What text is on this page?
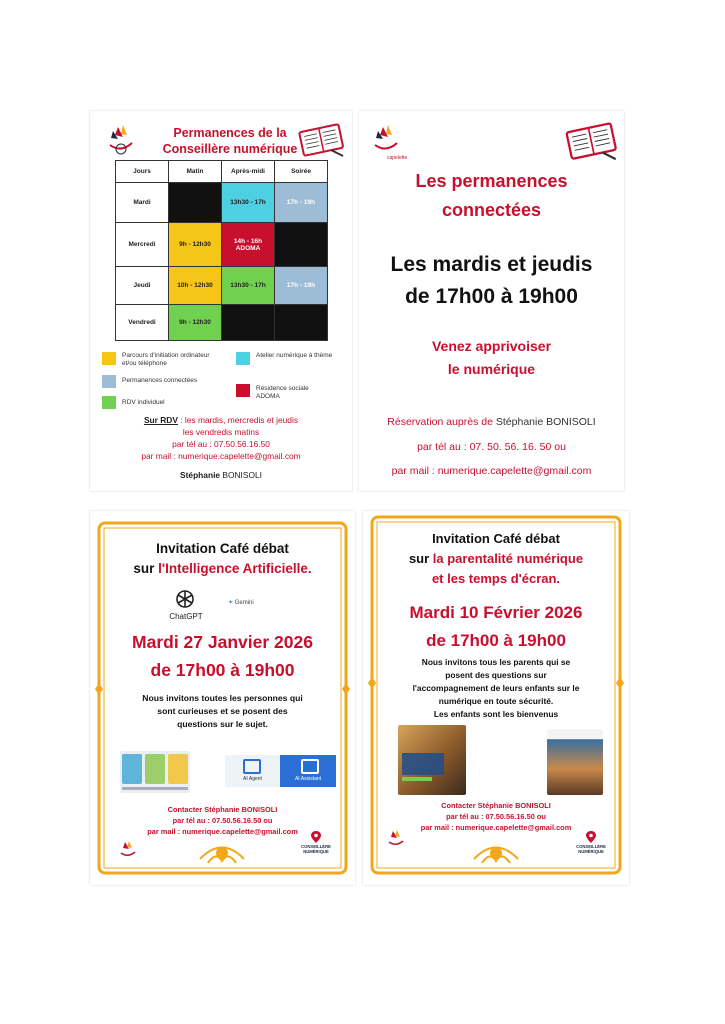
Permanences de la
Conseillère numérique
Jours	Matin	Après-midi	Soirée
Mardi		13h30 - 17h	17h - 19h
Mercredi	9h - 12h30	14h - 16h ADOMA	
Jeudi	10h - 12h30	13h30 - 17h	17h - 19h
Vendredi	9h - 12h30		
Parcours d'initiation ordinateur et/ou téléphone
Atelier numérique à thème
Permanences connectées
Résidence sociale ADOMA
RDV individuel
Sur RDV : les mardis, mercredis et jeudis
les vendredis matins
par tél au : 07.50.56.16.50
par mail : numerique.capelette@gmail.com
Stéphanie BONISOLI
capelette
Les permanences
connectées
Les mardis et jeudis
de 17h00 à 19h00
Venez apprivoiser
le numérique
Réservation auprès de Stéphanie BONISOLI
par tél au : 07. 50. 56. 16. 50 ou
par mail : numerique.capelette@gmail.com
Invitation Café débat
sur l'Intelligence Artificielle.
ChatGPT
✦ Gemini
Mardi 27 Janvier 2026
de 17h00 à 19h00
Nous invitons toutes les personnes qui
sont curieuses et se posent des
questions sur le sujet.
AI Agent	AI Assistant
Contacter Stéphanie BONISOLI
par tél au : 07.50.56.16.50 ou
par mail : numerique.capelette@gmail.com
CONSEILLÈRE NUMÉRIQUE
Invitation Café débat
sur la parentalité numérique
et les temps d'écran.
Mardi 10 Février 2026
de 17h00 à 19h00
Nous invitons tous les parents qui se
posent des questions sur
l'accompagnement de leurs enfants sur le
numérique en toute sécurité.
Les enfants sont les bienvenus
Contacter Stéphanie BONISOLI
par tél au : 07.50.56.16.50 ou
par mail : numerique.capelette@gmail.com
CONSEILLÈRE NUMÉRIQUE
